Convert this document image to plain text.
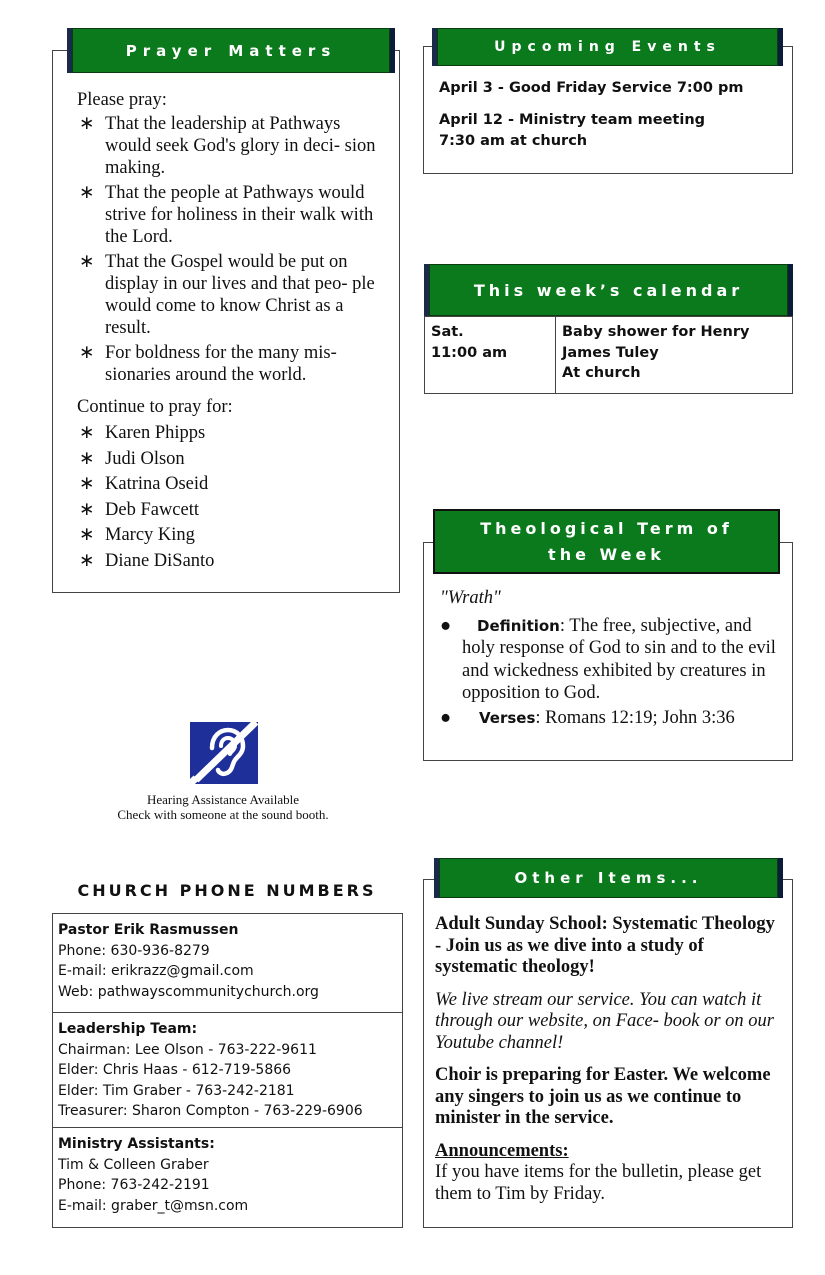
Prayer Matters
Please pray:
∗ That the leadership at Pathways would seek God's glory in deci- sion making.
∗ That the people at Pathways would strive for holiness in their walk with the Lord.
∗ That the Gospel would be put on display in our lives and that peo- ple would come to know Christ as a result.
∗ For boldness for the many mis- sionaries around the world.
Continue to pray for:
∗ Karen Phipps
∗ Judi Olson
∗ Katrina Oseid
∗ Deb Fawcett
∗ Marcy King
∗ Diane DiSanto
Hearing Assistance Available
Check with someone at the sound booth.
CHURCH PHONE NUMBERS
Pastor Erik Rasmussen
Phone: 630-936-8279
E-mail: erikrazz@gmail.com
Web: pathwayscommunitychurch.org
Leadership Team:
Chairman: Lee Olson - 763-222-9611
Elder: Chris Haas - 612-719-5866
Elder: Tim Graber - 763-242-2181
Treasurer: Sharon Compton - 763-229-6906
Ministry Assistants:
Tim & Colleen Graber
Phone: 763-242-2191
E-mail: graber_t@msn.com
Upcoming Events
April 3 - Good Friday Service 7:00 pm
April 12 - Ministry team meeting
7:30 am at church
This week’s calendar
Sat.
11:00 am
Baby shower for Henry
James Tuley
At church
Theological Term of
the Week
"Wrath"
● Definition: The free, subjective, and holy response of God to sin and to the evil and wickedness exhibited by creatures in opposition to God.
● Verses: Romans 12:19; John 3:36
Other Items...
Adult Sunday School: Systematic Theology - Join us as we dive into a study of systematic theology!
We live stream our service. You can watch it through our website, on Face- book or on our Youtube channel!
Choir is preparing for Easter. We welcome any singers to join us as we continue to minister in the service.
Announcements:
If you have items for the bulletin, please get them to Tim by Friday.
